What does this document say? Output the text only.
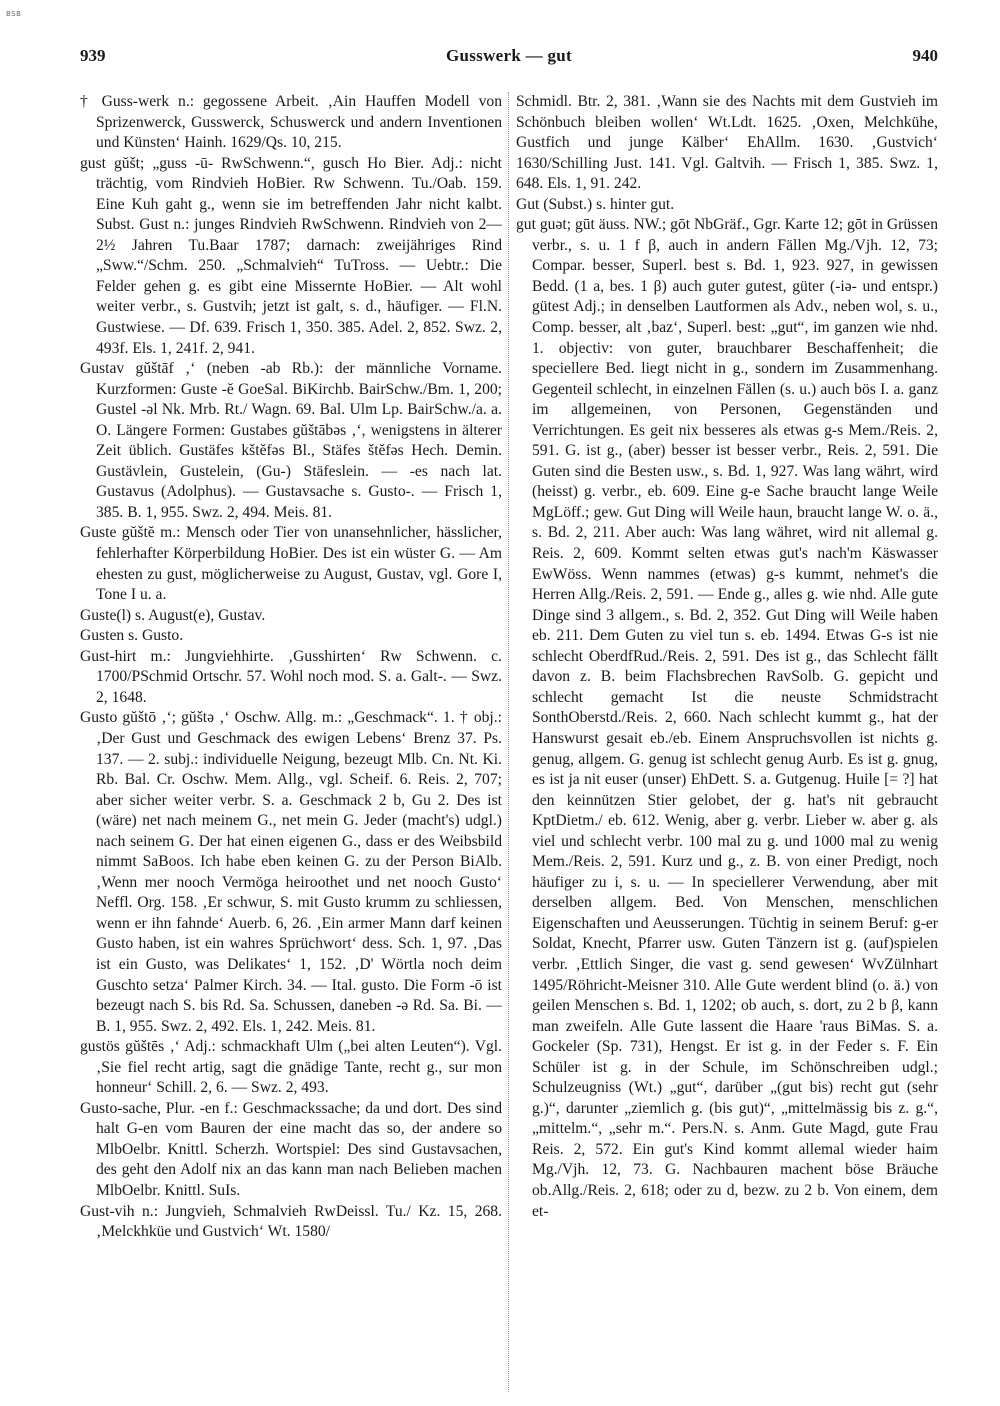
BSB
939	Gusswerk — gut	940

† Guss-werk n.: gegossene Arbeit. ‚Ain Hauffen Modell von Sprizenwerck, Gusswerck, Schuswerck und andern Inventionen und Künsten‘ Hainh. 1629/Qs. 10, 215.

gust gŭšt; „guss -ū- RwSchwenn.“, gusch Ho Bier. Adj.: nicht trächtig, vom Rindvieh HoBier. Rw Schwenn. Tu./Oab. 159. Eine Kuh gaht g., wenn sie im betreffenden Jahr nicht kalbt. Subst. Gust n.: junges Rindvieh RwSchwenn. Rindvieh von 2—2½ Jahren Tu.Baar 1787; darnach: zweijähriges Rind „Sww.“/Schm. 250. „Schmalvieh“ TuTross. — Uebtr.: Die Felder gehen g. es gibt eine Missernte HoBier. — Alt wohl weiter verbr., s. Gustvih; jetzt ist galt, s. d., häufiger. — Fl.N. Gustwiese. — Df. 639. Frisch 1, 350. 385. Adel. 2, 852. Swz. 2, 493f. Els. 1, 241f. 2, 941.

Gustav gŭštāf ‚‘ (neben -ab Rb.): der männliche Vorname. Kurzformen: Guste -ĕ GoeSal. BiKirchb. BairSchw./Bm. 1, 200; Gustel -əl Nk. Mrb. Rt./ Wagn. 69. Bal. Ulm Lp. BairSchw./a. a. O. Längere Formen: Gustabes gŭštābəs ‚‘, wenigstens in älterer Zeit üblich. Gustäfes kštĕfəs Bl., Stäfes štĕfəs Hech. Demin. Gustävlein, Gustelein, (Gu-) Stäfeslein. — -es nach lat. Gustavus (Adolphus). — Gustavsache s. Gusto-. — Frisch 1, 385. B. 1, 955. Swz. 2, 494. Meis. 81.

Guste gŭštĕ m.: Mensch oder Tier von unansehnlicher, hässlicher, fehlerhafter Körperbildung HoBier. Des ist ein wüster G. — Am ehesten zu gust, möglicherweise zu August, Gustav, vgl. Gore I, Tone I u. a.

Guste(l) s. August(e), Gustav.

Gusten s. Gusto.

Gust-hirt m.: Jungviehhirte. ‚Gusshirten‘ Rw Schwenn. c. 1700/PSchmid Ortschr. 57. Wohl noch mod. S. a. Galt-. — Swz. 2, 1648.

Gusto gŭštō ‚‘; gŭštə ‚‘ Oschw. Allg. m.: „Geschmack“. 1. † obj.: ‚Der Gust und Geschmack des ewigen Lebens‘ Brenz 37. Ps. 137. — 2. subj.: individuelle Neigung, bezeugt Mlb. Cn. Nt. Ki. Rb. Bal. Cr. Oschw. Mem. Allg., vgl. Scheif. 6. Reis. 2, 707; aber sicher weiter verbr. S. a. Geschmack 2 b, Gu 2. Des ist (wäre) net nach meinem G., net mein G. Jeder (macht's) udgl.) nach seinem G. Der hat einen eigenen G., dass er des Weibsbild nimmt SaBoos. Ich habe eben keinen G. zu der Person BiAlb. ‚Wenn mer nooch Vermöga heiroothet und net nooch Gusto‘ Neffl. Org. 158. ‚Er schwur, S. mit Gusto krumm zu schliessen, wenn er ihn fahnde‘ Auerb. 6, 26. ‚Ein armer Mann darf keinen Gusto haben, ist ein wahres Sprüchwort‘ dess. Sch. 1, 97. ‚Das ist ein Gusto, was Delikates‘ 1, 152. ‚D' Wörtla noch deim Guschto setza‘ Palmer Kirch. 34. — Ital. gusto. Die Form -ō ist bezeugt nach S. bis Rd. Sa. Schussen, daneben -ə Rd. Sa. Bi. — B. 1, 955. Swz. 2, 492. Els. 1, 242. Meis. 81.

gustös gŭštēs ‚‘ Adj.: schmackhaft Ulm („bei alten Leuten“). Vgl. ‚Sie fiel recht artig, sagt die gnädige Tante, recht g., sur mon honneur‘ Schill. 2, 6. — Swz. 2, 493.

Gusto-sache, Plur. -en f.: Geschmackssache; da und dort. Des sind halt G-en vom Bauren der eine macht das so, der andere so MlbOelbr. Knittl. Scherzh. Wortspiel: Des sind Gustavsachen, des geht den Adolf nix an das kann man nach Belieben machen MlbOelbr. Knittl. SuIs.

Gust-vih n.: Jungvieh, Schmalvieh RwDeissl. Tu./ Kz. 15, 268. ‚Melckhküe und Gustvich‘ Wt. 1580/

Schmidl. Btr. 2, 381. ‚Wann sie des Nachts mit dem Gustvieh im Schönbuch bleiben wollen‘ Wt.Ldt. 1625. ‚Oxen, Melchkühe, Gustfich und junge Kälber‘ EhAllm. 1630. ‚Gustvich‘ 1630/Schilling Just. 141. Vgl. Galtvih. — Frisch 1, 385. Swz. 1, 648. Els. 1, 91. 242.

Gut (Subst.) s. hinter gut.

gut guət; gūt äuss. NW.; gōt NbGräf., Ggr. Karte 12; gōt in Grüssen verbr., s. u. 1 f β, auch in andern Fällen Mg./Vjh. 12, 73; Compar. besser, Superl. best s. Bd. 1, 923. 927, in gewissen Bedd. (1 a, bes. 1 β) auch guter gutest, güter (-iə- und entspr.) gütest Adj.; in denselben Lautformen als Adv., neben wol, s. u., Comp. besser, alt ‚baz‘, Superl. best: „gut“, im ganzen wie nhd. 1. objectiv: von guter, brauchbarer Beschaffenheit; die speciellere Bed. liegt nicht in g., sondern im Zusammenhang. Gegenteil schlecht, in einzelnen Fällen (s. u.) auch bös I. a. ganz im allgemeinen, von Personen, Gegenständen und Verrichtungen. Es geit nix besseres als etwas g-s Mem./Reis. 2, 591. G. ist g., (aber) besser ist besser verbr., Reis. 2, 591. Die Guten sind die Besten usw., s. Bd. 1, 927. Was lang währt, wird (heisst) g. verbr., eb. 609. Eine g-e Sache braucht lange Weile MgLöff.; gew. Gut Ding will Weile haun, braucht lange W. o. ä., s. Bd. 2, 211. Aber auch: Was lang währet, wird nit allemal g. Reis. 2, 609. Kommt selten etwas gut's nach'm Käswasser EwWöss. Wenn nammes (etwas) g-s kummt, nehmet's die Herren Allg./Reis. 2, 591. — Ende g., alles g. wie nhd. Alle gute Dinge sind 3 allgem., s. Bd. 2, 352. Gut Ding will Weile haben eb. 211. Dem Guten zu viel tun s. eb. 1494. Etwas G-s ist nie schlecht OberdfRud./Reis. 2, 591. Des ist g., das Schlecht fällt davon z. B. beim Flachsbrechen RavSolb. G. gepicht und schlecht gemacht Ist die neuste Schmidstracht SonthOberstd./Reis. 2, 660. Nach schlecht kummt g., hat der Hanswurst gesait eb./eb. Einem Anspruchsvollen ist nichts g. genug, allgem. G. genug ist schlecht genug Aurb. Es ist g. gnug, es ist ja nit euser (unser) EhDett. S. a. Gutgenug. Huile [= ?] hat den keinnützen Stier gelobet, der g. hat's nit gebraucht KptDietm./ eb. 612. Wenig, aber g. verbr. Lieber w. aber g. als viel und schlecht verbr. 100 mal zu g. und 1000 mal zu wenig Mem./Reis. 2, 591. Kurz und g., z. B. von einer Predigt, noch häufiger zu i, s. u. — In speciellerer Verwendung, aber mit derselben allgem. Bed. Von Menschen, menschlichen Eigenschaften und Aeusserungen. Tüchtig in seinem Beruf: g-er Soldat, Knecht, Pfarrer usw. Guten Tänzern ist g. (auf)spielen verbr. ‚Ettlich Singer, die vast g. send gewesen‘ WvZülnhart 1495/Röhricht-Meisner 310. Alle Gute werdent blind (o. ä.) von geilen Menschen s. Bd. 1, 1202; ob auch, s. dort, zu 2 b β, kann man zweifeln. Alle Gute lassent die Haare 'raus BiMas. S. a. Gockeler (Sp. 731), Hengst. Er ist g. in der Feder s. F. Ein Schüler ist g. in der Schule, im Schönschreiben udgl.; Schulzeugniss (Wt.) „gut“, darüber „(gut bis) recht gut (sehr g.)“, darunter „ziemlich g. (bis gut)“, „mittelmässig bis z. g.“, „mittelm.“, „sehr m.“. Pers.N. s. Anm. Gute Magd, gute Frau Reis. 2, 572. Ein gut's Kind kommt allemal wieder haim Mg./Vjh. 12, 73. G. Nachbauren machent böse Bräuche ob.Allg./Reis. 2, 618; oder zu d, bezw. zu 2 b. Von einem, dem et-
